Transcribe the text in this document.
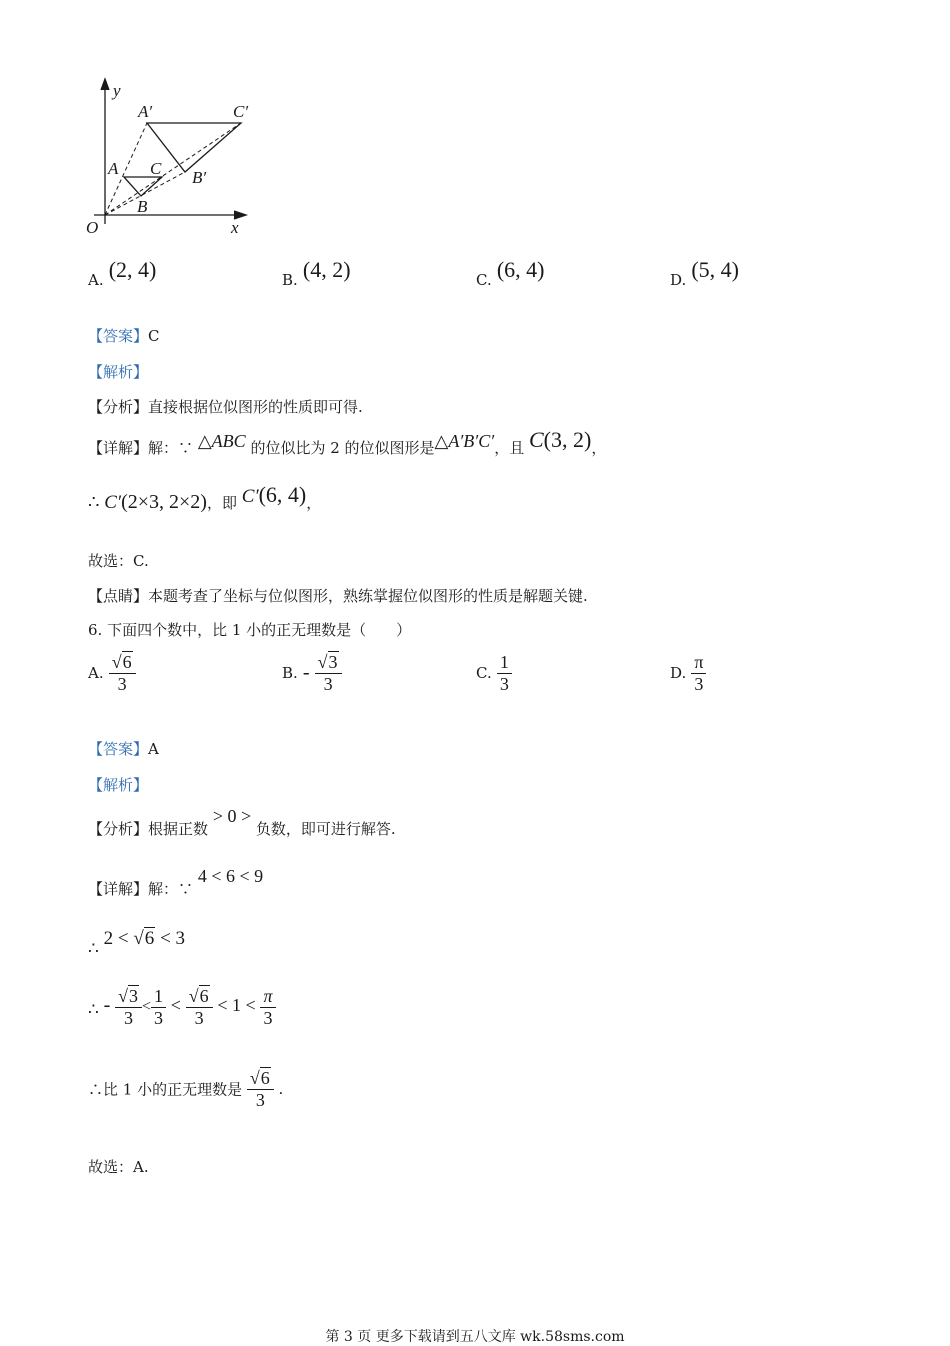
y
x
O
A C
B
A′	C′
B′
A. (2, 4)	B. (4, 2)	C. (6, 4)	D. (5, 4)
【答案】C
【解析】
【分析】直接根据位似图形的性质即可得.
【详解】解：∵ △ABC 的位似比为 2 的位似图形是△A′B′C′，且 C(3, 2)，
∴ C′(2×3, 2×2)，即 C′(6, 4)，
故选：C.
【点睛】本题考查了坐标与位似图形，熟练掌握位似图形的性质是解题关键.
6. 下面四个数中，比 1 小的正无理数是（　　）
A. $\frac{√6}{3}$	B. - $\frac{√3}{3}$	C. $\frac{1}{3}$	D. $\frac{\pi}{3}$
【答案】A
【解析】
【分析】根据正数 > 0 > 负数，即可进行解答.
【详解】解：∵ 4 < 6 < 9
∴ 2 < √6 < 3
∴ - $\frac{√3}{3} < \frac{1}{3} < \frac{√6}{3} < 1 < \frac{\pi}{3}$
∴比 1 小的正无理数是 $\frac{√6}{3}$ .
故选：A.
第 3 页 更多下载请到五八文库 wk.58sms.com
